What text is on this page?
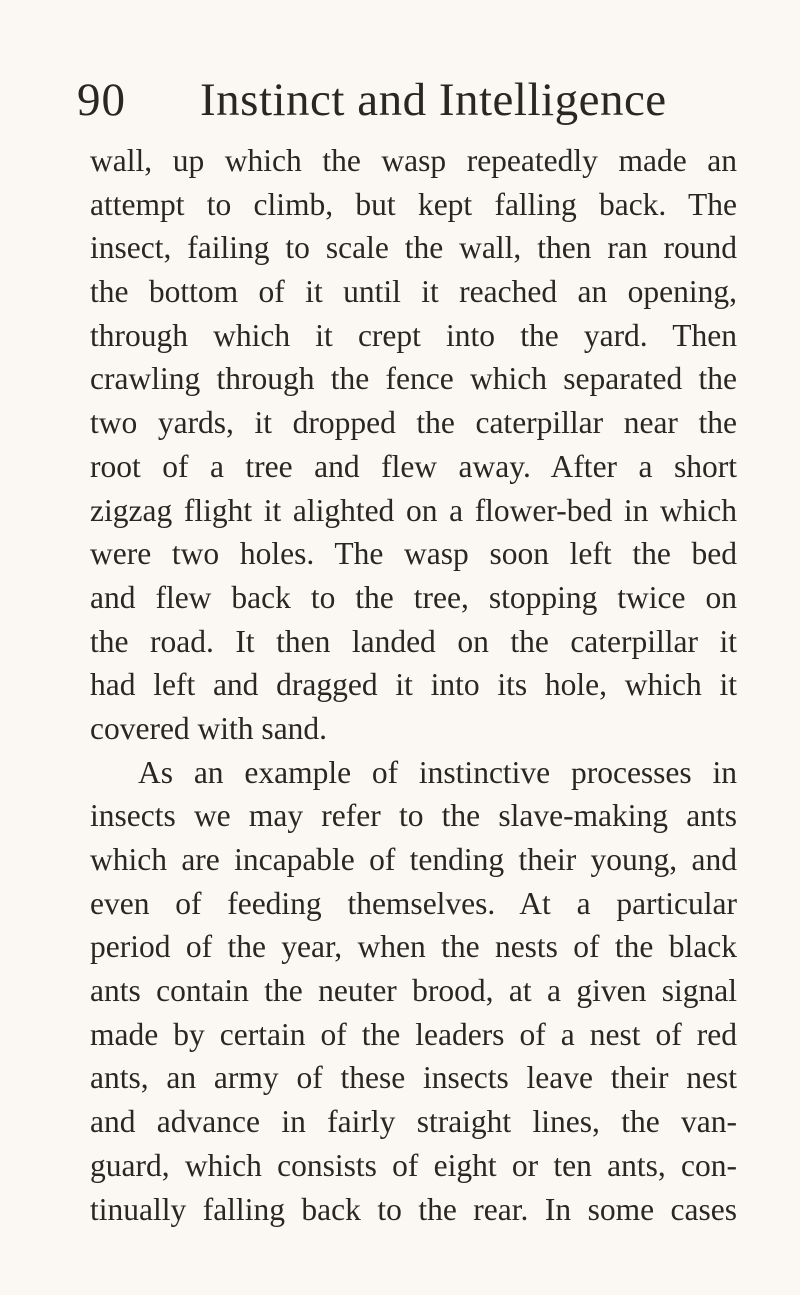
90 Instinct and Intelligence
wall, up which the wasp repeatedly made an
attempt to climb, but kept falling back. The
insect, failing to scale the wall, then ran round
the bottom of it until it reached an opening,
through which it crept into the yard. Then
crawling through the fence which separated the
two yards, it dropped the caterpillar near the
root of a tree and flew away. After a short
zigzag flight it alighted on a flower-bed in which
were two holes. The wasp soon left the bed
and flew back to the tree, stopping twice on
the road. It then landed on the caterpillar it
had left and dragged it into its hole, which it
covered with sand.
As an example of instinctive processes in
insects we may refer to the slave-making ants
which are incapable of tending their young, and
even of feeding themselves. At a particular
period of the year, when the nests of the black
ants contain the neuter brood, at a given signal
made by certain of the leaders of a nest of red
ants, an army of these insects leave their nest
and advance in fairly straight lines, the van-
guard, which consists of eight or ten ants, con-
tinually falling back to the rear. In some cases
